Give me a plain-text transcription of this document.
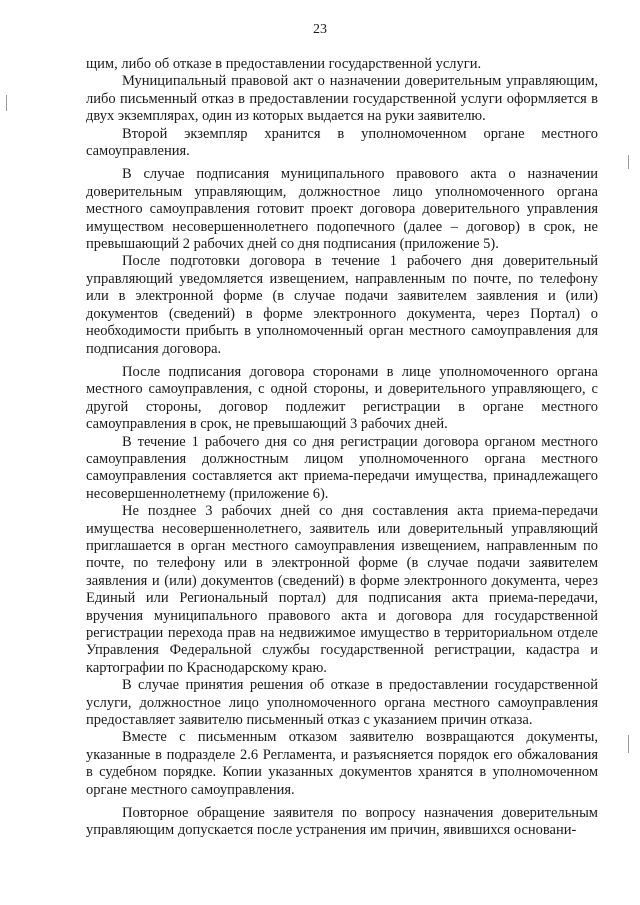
23

щим, либо об отказе в предоставлении государственной услуги.

Муниципальный правовой акт о назначении доверительным управляющим, либо письменный отказ в предоставлении государственной услуги оформляется в двух экземплярах, один из которых выдается на руки заявителю.

Второй экземпляр хранится в уполномоченном органе местного самоуправления.

В случае подписания муниципального правового акта о назначении доверительным управляющим, должностное лицо уполномоченного органа местного самоуправления готовит проект договора доверительного управления имуществом несовершеннолетнего подопечного (далее – договор) в срок, не превышающий 2 рабочих дней со дня подписания (приложение 5).

После подготовки договора в течение 1 рабочего дня доверительный управляющий уведомляется извещением, направленным по почте, по телефону или в электронной форме (в случае подачи заявителем заявления и (или) документов (сведений) в форме электронного документа, через Портал) о необходимости прибыть в уполномоченный орган местного самоуправления для подписания договора.

После подписания договора сторонами в лице уполномоченного органа местного самоуправления, с одной стороны, и доверительного управляющего, с другой стороны, договор подлежит регистрации в органе местного самоуправления в срок, не превышающий 3 рабочих дней.

В течение 1 рабочего дня со дня регистрации договора органом местного самоуправления должностным лицом уполномоченного органа местного самоуправления составляется акт приема-передачи имущества, принадлежащего несовершеннолетнему (приложение 6).

Не позднее 3 рабочих дней со дня составления акта приема-передачи имущества несовершеннолетнего, заявитель или доверительный управляющий приглашается в орган местного самоуправления извещением, направленным по почте, по телефону или в электронной форме (в случае подачи заявителем заявления и (или) документов (сведений) в форме электронного документа, через Единый или Региональный портал) для подписания акта приема-передачи, вручения муниципального правового акта и договора для государственной регистрации перехода прав на недвижимое имущество в территориальном отделе Управления Федеральной службы государственной регистрации, кадастра и картографии по Краснодарскому краю.

В случае принятия решения об отказе в предоставлении государственной услуги, должностное лицо уполномоченного органа местного самоуправления предоставляет заявителю письменный отказ с указанием причин отказа.

Вместе с письменным отказом заявителю возвращаются документы, указанные в подразделе 2.6 Регламента, и разъясняется порядок его обжалования в судебном порядке. Копии указанных документов хранятся в уполномоченном органе местного самоуправления.

Повторное обращение заявителя по вопросу назначения доверительным управляющим допускается после устранения им причин, явившихся основани-
